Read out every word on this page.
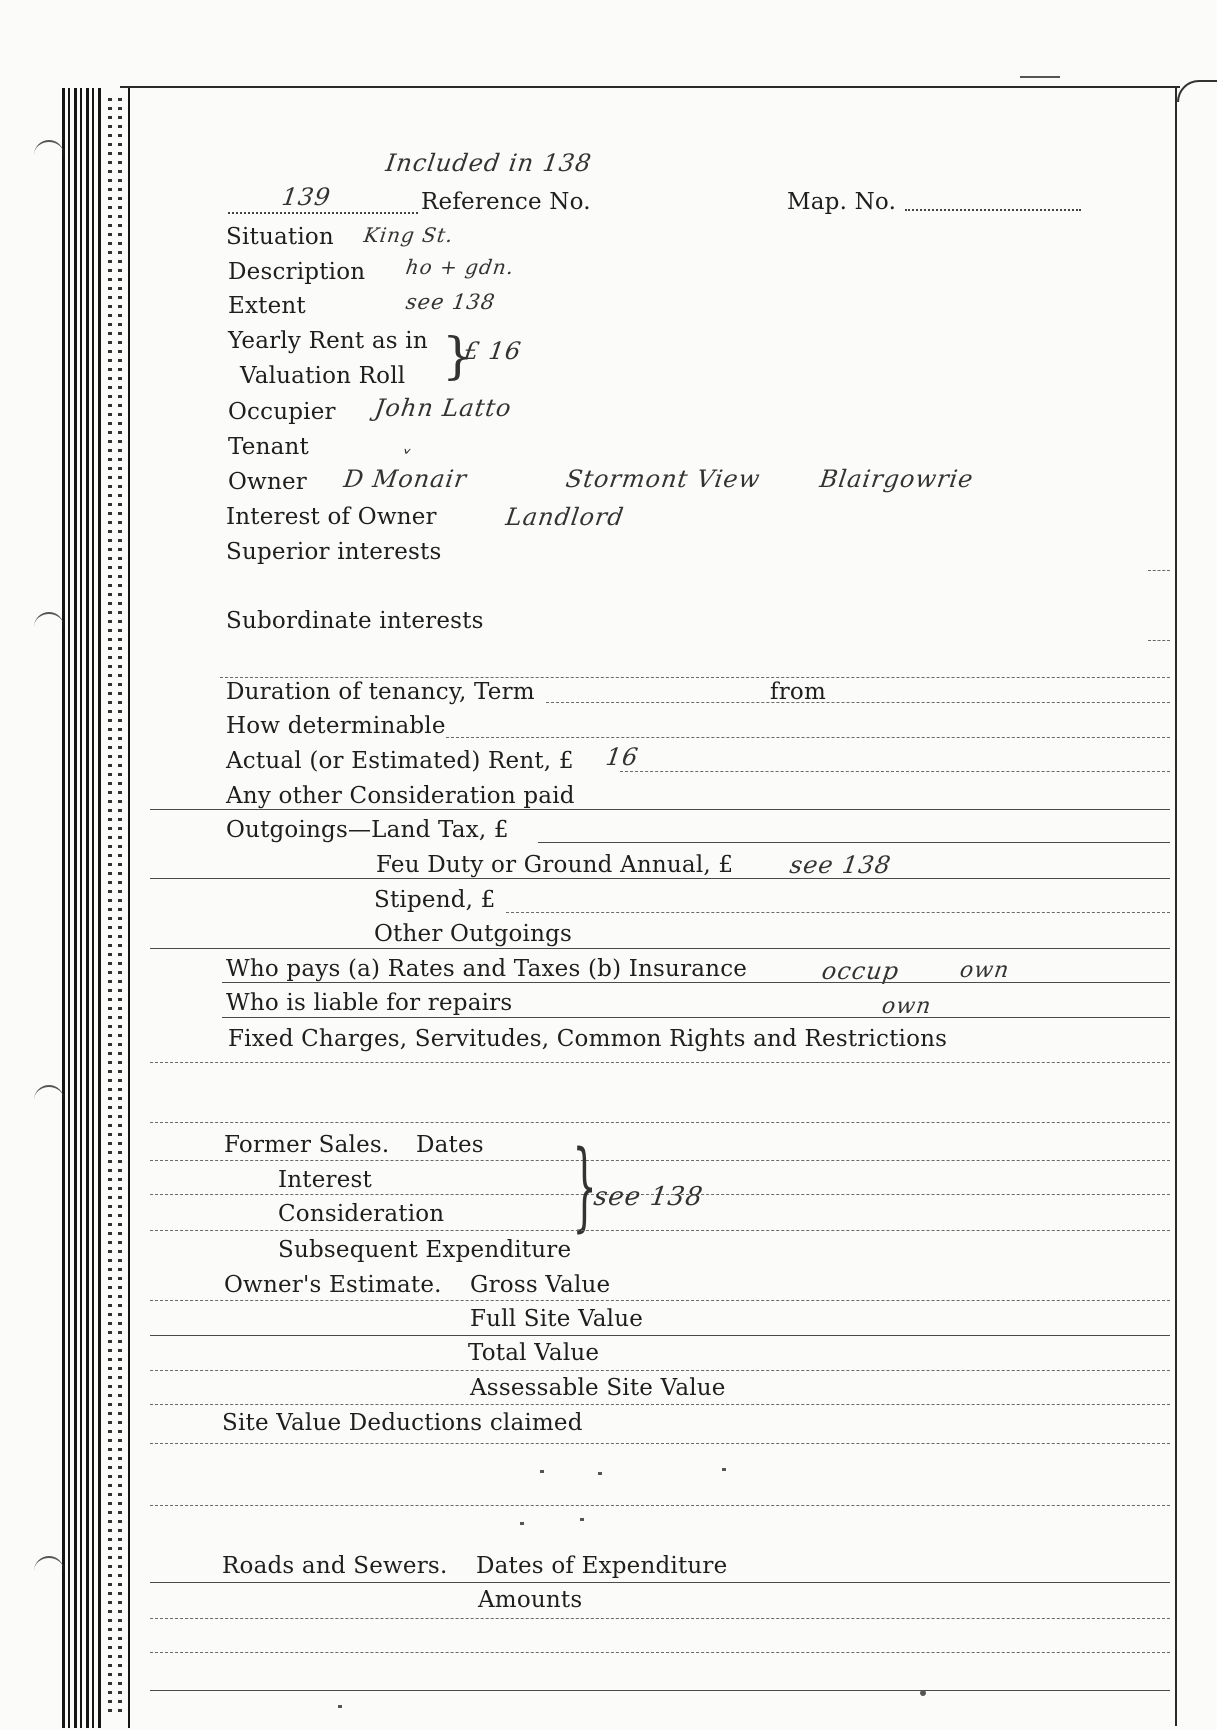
Included in 138
139	Reference No.	Map. No.
Situation King St.
Description ho + gdn.
Extent	see 138
Yearly Rent as in
Valuation Roll }
£ 16
Occupier John Latto
Tenant	ˬ
Owner D Monair	Stormont View Blairgowrie
Interest of Owner	Landlord
Superior interests
Subordinate interests
Duration of tenancy, Term	from
How determinable
Actual (or Estimated) Rent, £ 16
Any other Consideration paid
Outgoings—Land Tax, £
Feu Duty or Ground Annual, £ see 138
Stipend, £
Other Outgoings
Who pays (a) Rates and Taxes (b) Insurance	occup	own
Who is liable for repairs	own
Fixed Charges, Servitudes, Common Rights and Restrictions
Former Sales. Dates
Interest
Consideration }
see 138
Subsequent Expenditure
Owner's Estimate. Gross Value
Full Site Value
Total Value
Assessable Site Value
Site Value Deductions claimed
Roads and Sewers. Dates of Expenditure
Amounts
